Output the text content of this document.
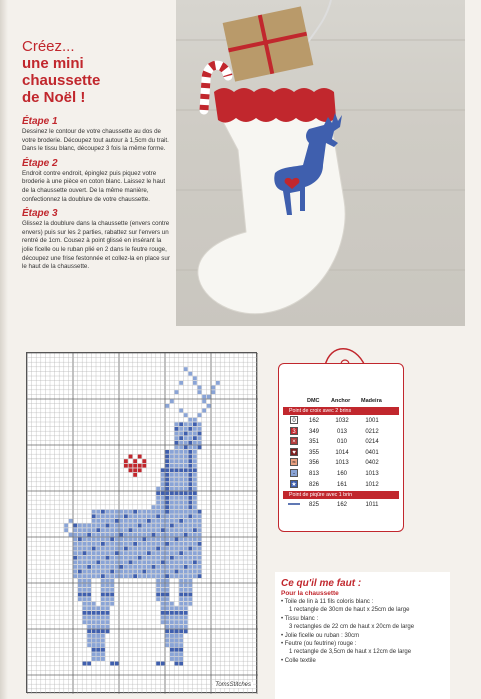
Créez...
une mini
chaussette
de Noël !
Étape 1
Dessinez le contour de votre chaussette au dos de votre broderie. Découpez tout autour à 1,5cm du trait. Dans le tissu blanc, découpez 3 fois la même forme.
Étape 2
Endroit contre endroit, épinglez puis piquez votre broderie à une pièce en coton blanc. Laissez le haut de la chaussette ouvert. De la même manière, confectionnez la doublure de votre chaussette.
Étape 3
Glissez la doublure dans la chaussette (envers contre envers) puis sur les 2 parties, rabattez sur l'envers un rentré de 1cm. Cousez à point glissé en insérant la jolie ficelle ou le ruban plié en 2 dans le feutre rouge, découpez une frise festonnée et collez-la en place sur le haut de la chaussette.
TomsStitches
DMC	Anchor	Madeira
Point de croix avec 2 brins
0	162	1032	1001
3	349	013	0212
×	351	010	0214
♥	355	1014	0401
≈	356	1013	0402
-	813	160	1013
★	826	161	1012
Point de piqûre avec 1 brin
825	162	1011
Ce qu'il me faut :
Pour la chaussette
• Toile de lin à 11 fils coloris blanc :
1 rectangle de 30cm de haut x 25cm de large
• Tissu blanc :
3 rectangles de 22 cm de haut x 20cm de large
• Jolie ficelle ou ruban : 30cm
• Feutre (ou feutrine) rouge :
1 rectangle de 3,5cm de haut x 12cm de large
• Colle textile
